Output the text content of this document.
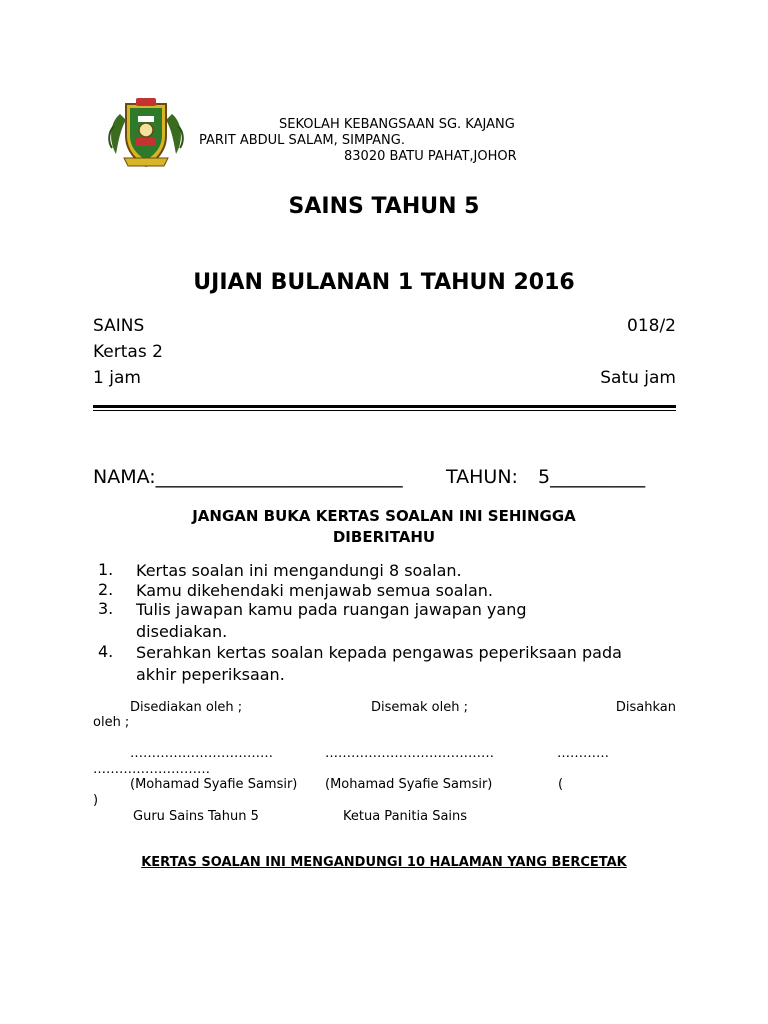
SEKOLAH KEBANGSAAN SG. KAJANG
PARIT ABDUL SALAM, SIMPANG.
83020 BATU PAHAT,JOHOR
SAINS TAHUN 5
UJIAN BULANAN 1 TAHUN 2016
SAINS	018/2
Kertas 2
1 jam	Satu jam
NAMA:__________________________ TAHUN: 5__________
JANGAN BUKA KERTAS SOALAN INI SEHINGGA DIBERITAHU
1. Kertas soalan ini mengandungi 8 soalan.
2. Kamu dikehendaki menjawab semua soalan.
3. Tulis jawapan kamu pada ruangan jawapan yang disediakan.
4. Serahkan kertas soalan kepada pengawas peperiksaan pada akhir peperiksaan.
Disediakan oleh ;	Disemak oleh ;	Disahkan
oleh ;
……………………………	…………………………………	…………
………………………
(Mohamad Syafie Samsir) (Mohamad Syafie Samsir)	(
)
Guru Sains Tahun 5	Ketua Panitia Sains
KERTAS SOALAN INI MENGANDUNGI 10 HALAMAN YANG BERCETAK
